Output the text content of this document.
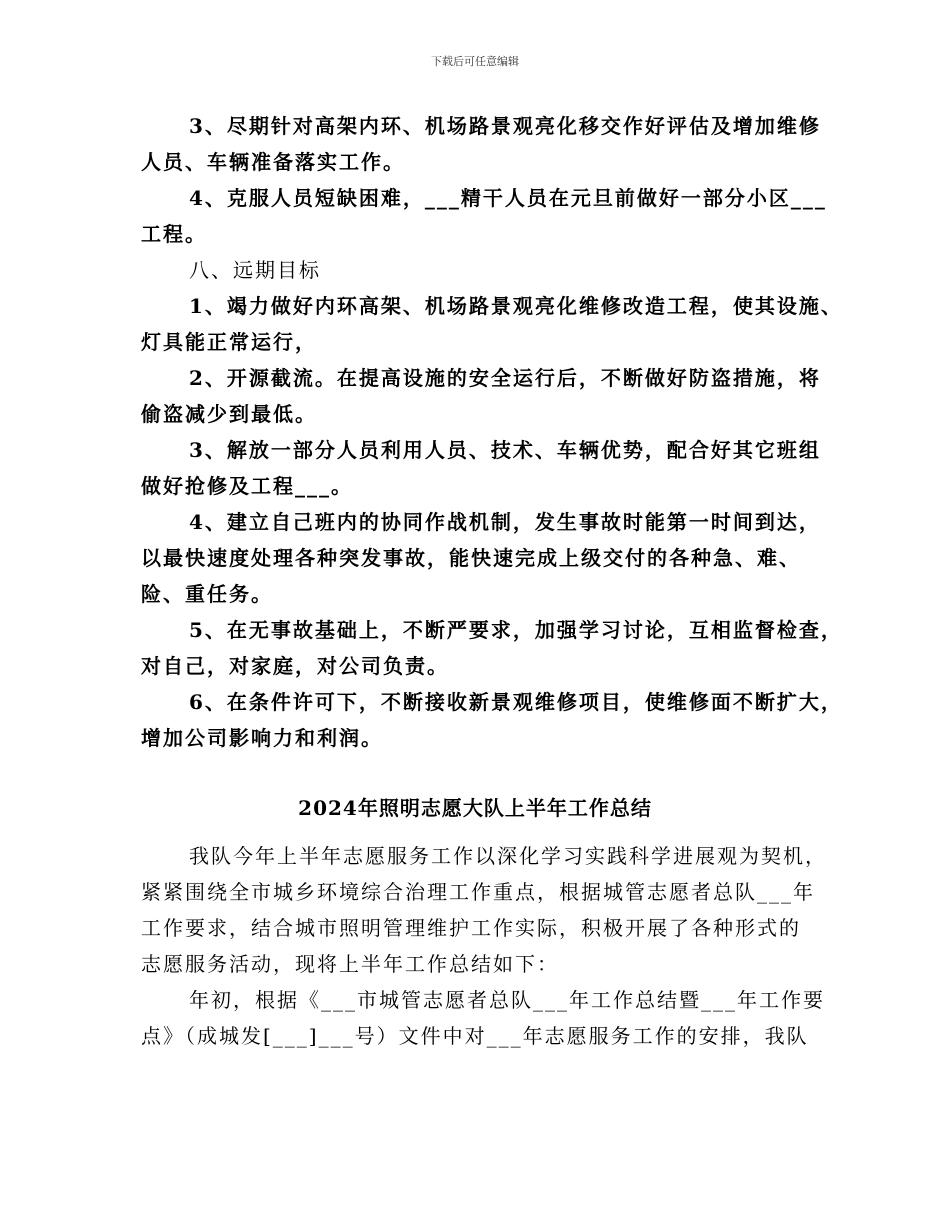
下载后可任意编辑
3、尽期针对高架内环、机场路景观亮化移交作好评估及增加维修
人员、车辆准备落实工作。
4、克服人员短缺困难，___精干人员在元旦前做好一部分小区___
工程。
八、远期目标
1、竭力做好内环高架、机场路景观亮化维修改造工程，使其设施、
灯具能正常运行，
2、开源截流。在提高设施的安全运行后，不断做好防盗措施，将
偷盗减少到最低。
3、解放一部分人员利用人员、技术、车辆优势，配合好其它班组
做好抢修及工程___。
4、建立自己班内的协同作战机制，发生事故时能第一时间到达，
以最快速度处理各种突发事故，能快速完成上级交付的各种急、难、
险、重任务。
5、在无事故基础上，不断严要求，加强学习讨论，互相监督检查，
对自己，对家庭，对公司负责。
6、在条件许可下，不断接收新景观维修项目，使维修面不断扩大，
增加公司影响力和利润。
2024年照明志愿大队上半年工作总结
我队今年上半年志愿服务工作以深化学习实践科学进展观为契机，
紧紧围绕全市城乡环境综合治理工作重点，根据城管志愿者总队___年
工作要求，结合城市照明管理维护工作实际，积极开展了各种形式的
志愿服务活动，现将上半年工作总结如下：
年初，根据《___市城管志愿者总队___年工作总结暨___年工作要
点》（成城发[___]___号）文件中对___年志愿服务工作的安排，我队
